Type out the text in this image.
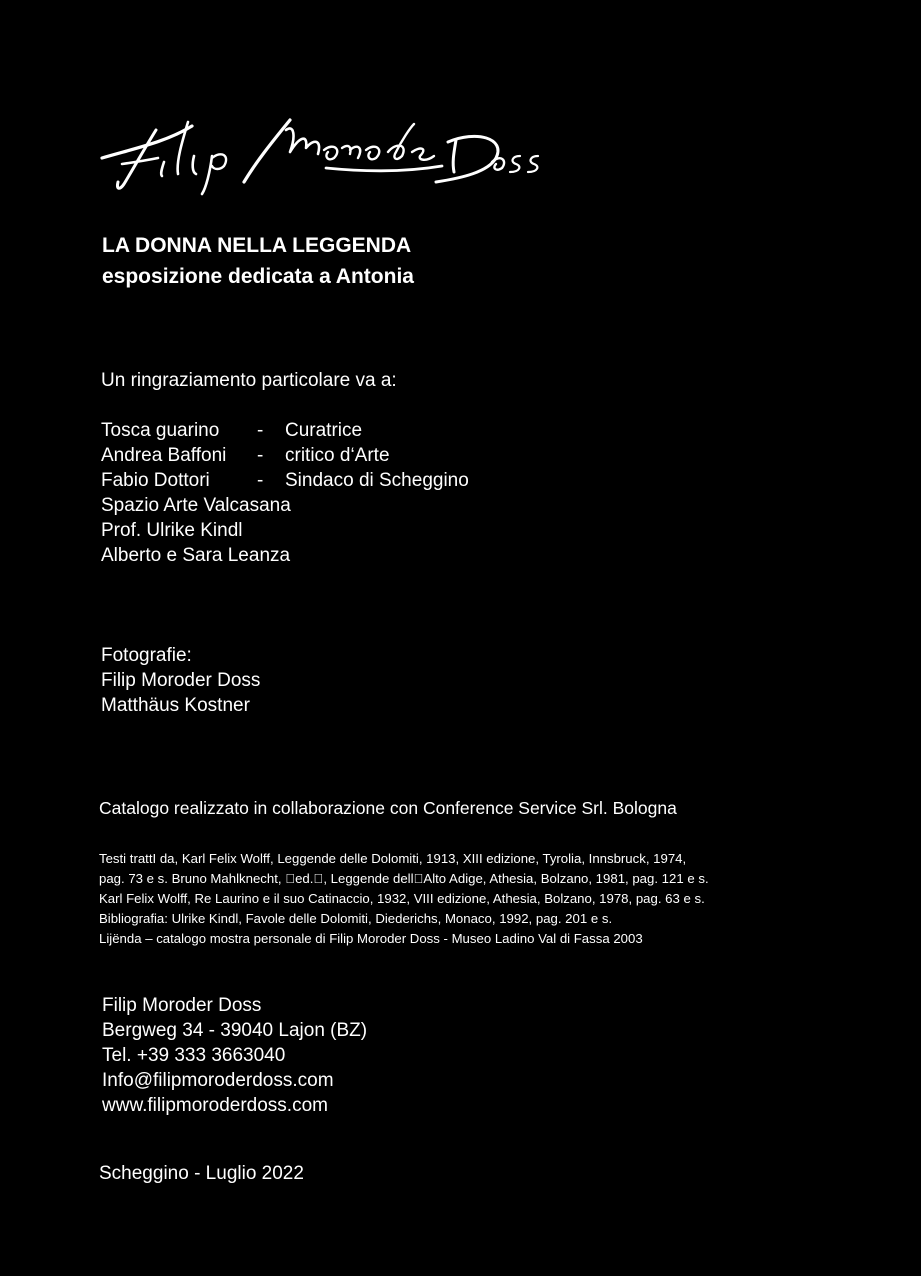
LA DONNA NELLA LEGGENDA
esposizione dedicata a Antonia
Un ringraziamento particolare va a:
Tosca guarino	-	Curatrice
Andrea Baffoni	-	critico d‘Arte
Fabio Dottori	-	Sindaco di Scheggino
Spazio Arte Valcasana
Prof. Ulrike Kindl
Alberto e Sara Leanza
Fotografie:
Filip Moroder Doss
Matthäus Kostner
Catalogo realizzato in collaborazione con Conference Service Srl. Bologna
Testi trattI da, Karl Felix Wolff, Leggende delle Dolomiti, 1913, XIII edizione, Tyrolia, Innsbruck, 1974,
pag. 73 e s. Bruno Mahlknecht,  ed. , Leggende dell Alto Adige, Athesia, Bolzano, 1981, pag. 121 e s.
Karl Felix Wolff, Re Laurino e il suo Catinaccio, 1932, VIII edizione, Athesia, Bolzano, 1978, pag. 63 e s.
Bibliografia: Ulrike Kindl, Favole delle Dolomiti, Diederichs, Monaco, 1992, pag. 201 e s.
Lijënda – catalogo mostra personale di Filip Moroder Doss - Museo Ladino Val di Fassa 2003
Filip Moroder Doss
Bergweg 34 - 39040 Lajon (BZ)
Tel. +39 333 3663040
Info@filipmoroderdoss.com
www.filipmoroderdoss.com
Scheggino - Luglio 2022
